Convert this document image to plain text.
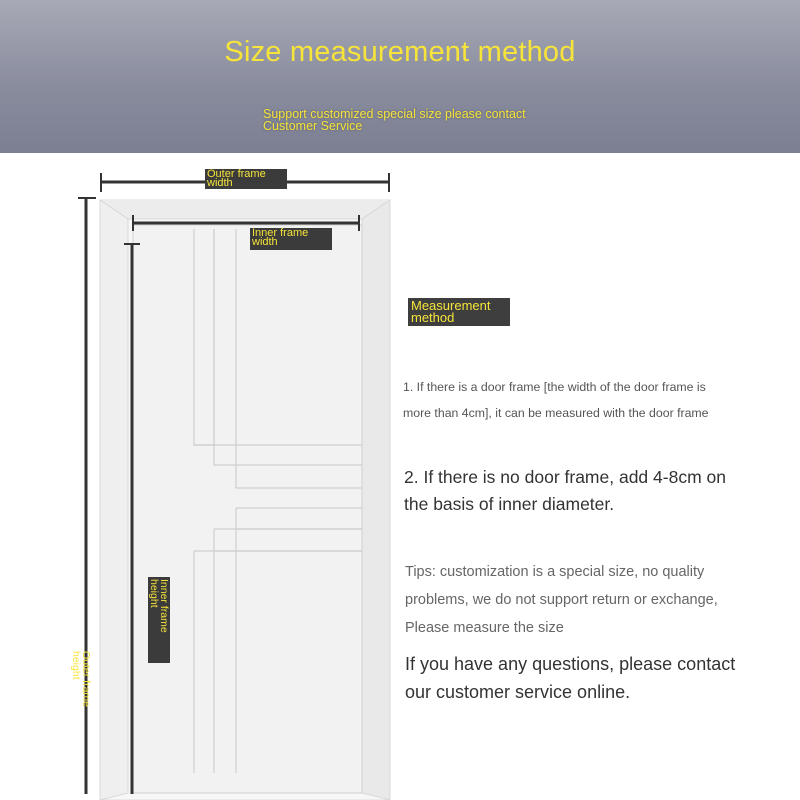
Size measurement method
Support customized special size please contact Customer Service
Outer frame width
Inner frame width
Inner frame height
Outer frame height
Measurement method
1. If there is a door frame [the width of the door frame is more than 4cm], it can be measured with the door frame
2. If there is no door frame, add 4-8cm on the basis of inner diameter.
Tips: customization is a special size, no quality problems, we do not support return or exchange, Please measure the size
If you have any questions, please contact our customer service online.
